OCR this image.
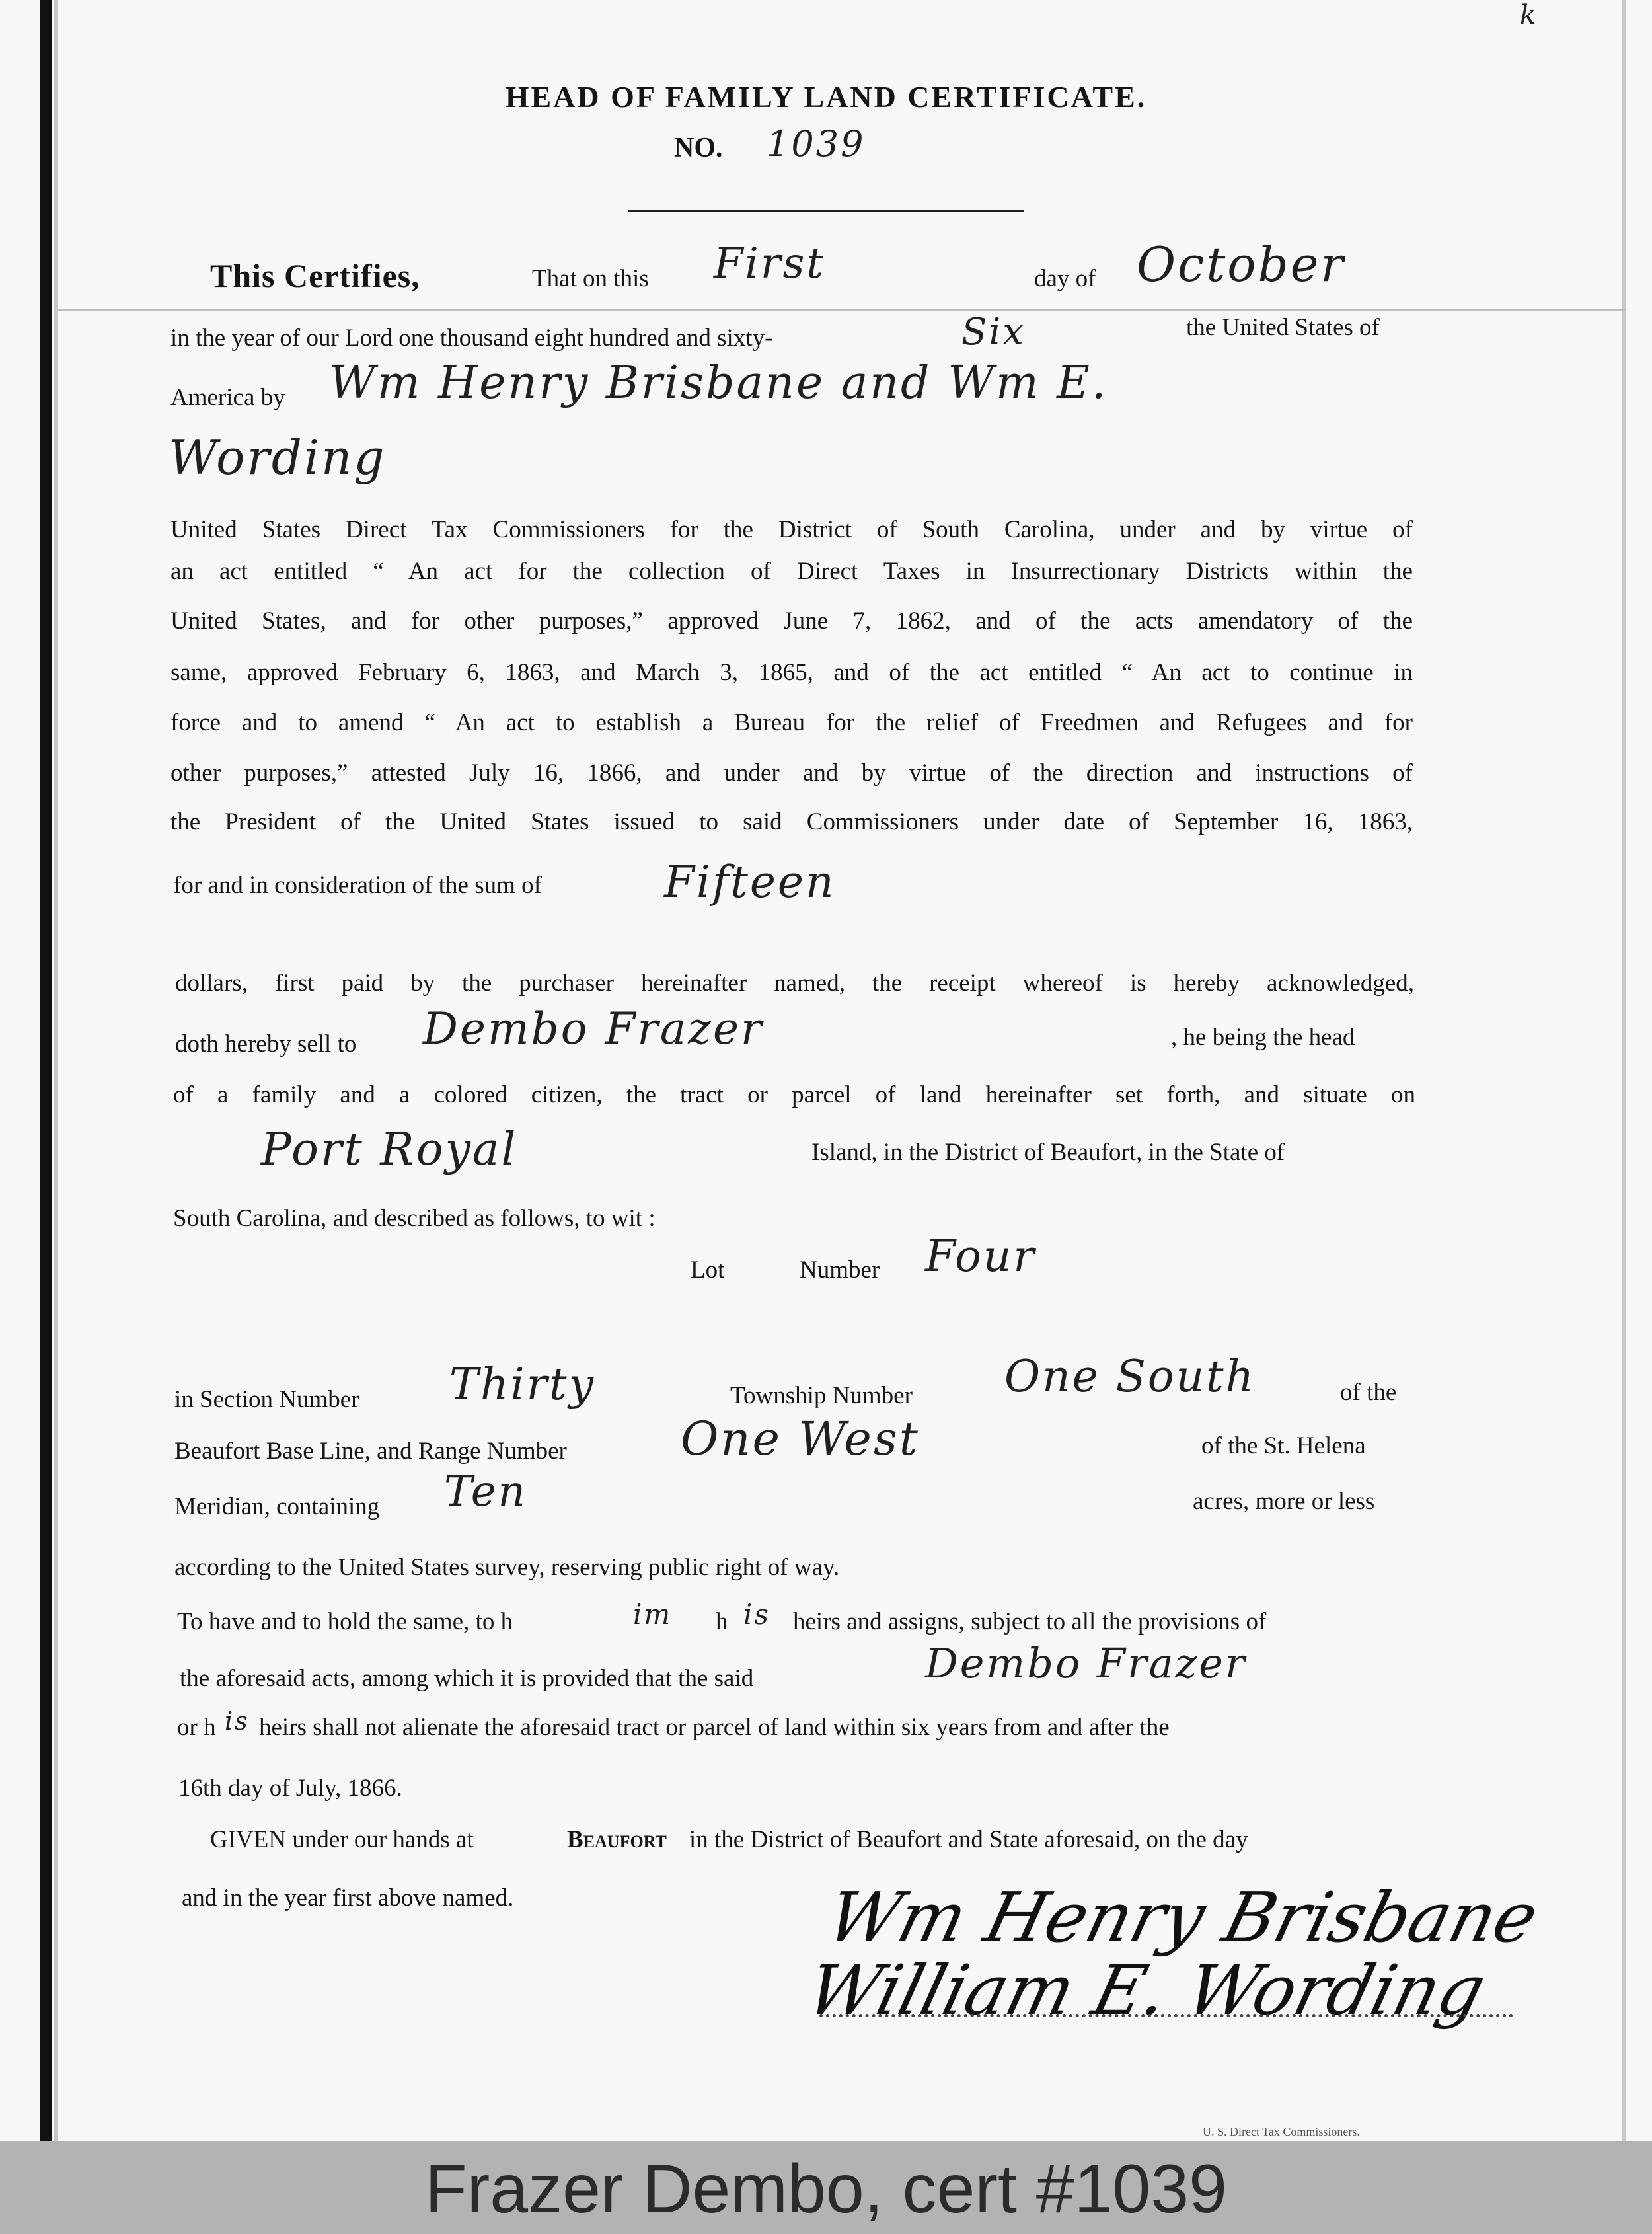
k
HEAD OF FAMILY LAND CERTIFICATE.
NO. 1039
This Certifies,	That on this First	day of October
in the year of our Lord one thousand eight hundred and sixty-	Six	the United States of
America by Wm Henry Brisbane and Wm E.
Wording
United States Direct Tax Commissioners for the District of South Carolina, under and by virtue of
an act entitled “ An act for the collection of Direct Taxes in Insurrectionary Districts within the
United States, and for other purposes,” approved June 7, 1862, and of the acts amendatory of the
same, approved February 6, 1863, and March 3, 1865, and of the act entitled “ An act to continue in
force and to amend “ An act to establish a Bureau for the relief of Freedmen and Refugees and for
other purposes,” attested July 16, 1866, and under and by virtue of the direction and instructions of
the President of the United States issued to said Commissioners under date of September 16, 1863,
for and in consideration of the sum of	Fifteen
dollars, first paid by the purchaser hereinafter named, the receipt whereof is hereby acknowledged,
doth hereby sell to Dembo Frazer	, he being the head
of a family and a colored citizen, the tract or parcel of land hereinafter set forth, and situate on
Port Royal	Island, in the District of Beaufort, in the State of
South Carolina, and described as follows, to wit :
Lot	Number Four
in Section Number Thirty	Township Number One South	of the
Beaufort Base Line, and Range Number One West	of the St. Helena
Meridian, containing Ten	acres, more or less
according to the United States survey, reserving public right of way.
To have and to hold the same, to h	im h is heirs and assigns, subject to all the provisions of
the aforesaid acts, among which it is provided that the said	Dembo Frazer
or h is heirs shall not alienate the aforesaid tract or parcel of land within six years from and after the
16th day of July, 1866.
GIVEN under our hands at	Beaufort in the District of Beaufort and State aforesaid, on the day
and in the year first above named.	Wm Henry Brisbane
William E. Wording
U. S. Direct Tax Commissioners.
Frazer Dembo, cert #1039
